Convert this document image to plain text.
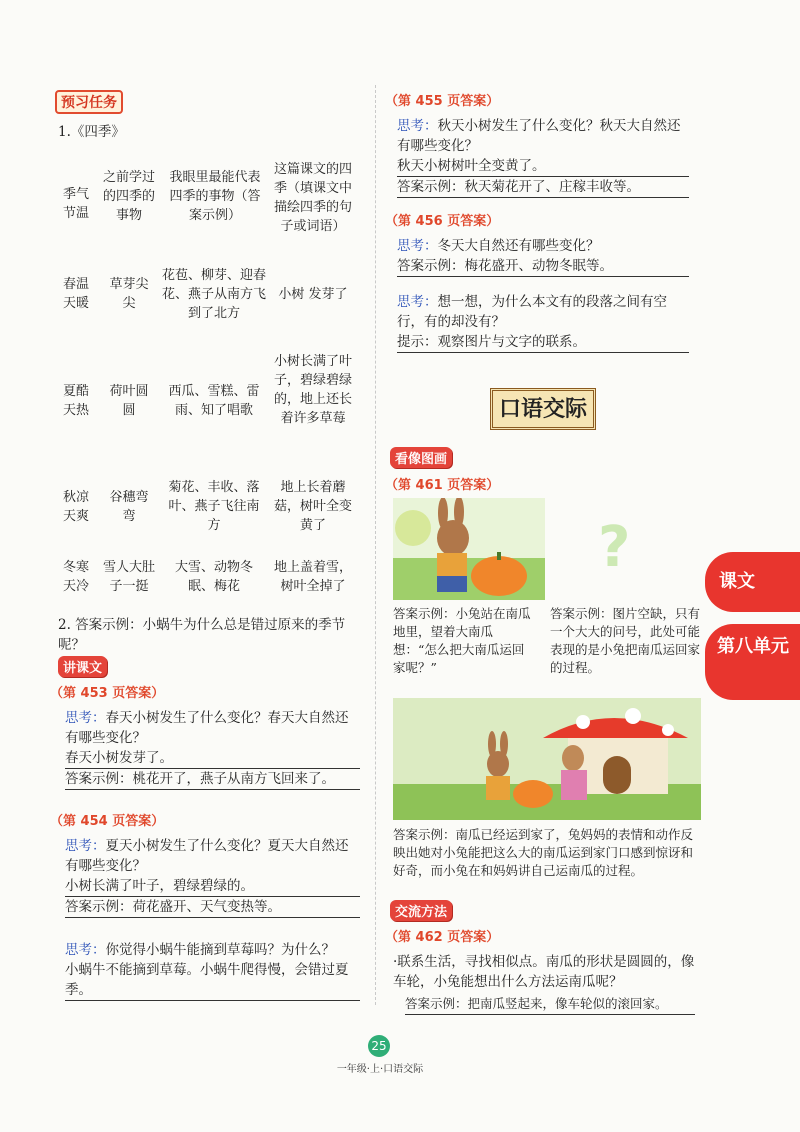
预习任务
1.《四季》
季气节温
之前学过的四季的事物
我眼里最能代表四季的事物（答案示例）
这篇课文的四季（填课文中描绘四季的句子或词语）
春温天暖
草芽尖尖
花苞、柳芽、迎春花、燕子从南方飞到了北方
小树 发芽了
夏酷天热
荷叶圆圆
西瓜、雪糕、雷雨、知了唱歌
小树长满了叶子，碧绿碧绿的，地上还长着许多草莓
秋凉天爽
谷穗弯弯
菊花、丰收、落叶、燕子飞往南方
地上长着蘑菇，树叶全变黄了
冬寒天冷
雪人大肚子一挺
大雪、动物冬眠、梅花
地上盖着雪，树叶全掉了
2. 答案示例：小蜗牛为什么总是错过原来的季节呢？
讲课文
（第 453 页答案）
思考：春天小树发生了什么变化？春天大自然还有哪些变化？
春天小树发芽了。
答案示例：桃花开了，燕子从南方飞回来了。
（第 454 页答案）
思考：夏天小树发生了什么变化？夏天大自然还有哪些变化？
小树长满了叶子，碧绿碧绿的。
答案示例：荷花盛开、天气变热等。
思考：你觉得小蜗牛能摘到草莓吗？为什么？
小蜗牛不能摘到草莓。小蜗牛爬得慢，会错过夏季。
（第 455 页答案）
思考：秋天小树发生了什么变化？秋天大自然还有哪些变化？
秋天小树树叶全变黄了。
答案示例：秋天菊花开了、庄稼丰收等。
（第 456 页答案）
思考：冬天大自然还有哪些变化？
答案示例：梅花盛开、动物冬眠等。
思考：想一想，为什么本文有的段落之间有空行，有的却没有？
提示：观察图片与文字的联系。
口语交际
看像图画
（第 461 页答案）
?
答案示例：小兔站在南瓜地里，望着大南瓜想：“怎么把大南瓜运回家呢？”
答案示例：图片空缺，只有一个大大的问号，此处可能表现的是小兔把南瓜运回家的过程。
答案示例：南瓜已经运到家了，兔妈妈的表情和动作反映出她对小兔能把这么大的南瓜运到家门口感到惊讶和好奇，而小兔在和妈妈讲自己运南瓜的过程。
交流方法
（第 462 页答案）
·联系生活，寻找相似点。南瓜的形状是圆圆的，像车轮，小兔能想出什么方法运南瓜呢？
答案示例：把南瓜竖起来，像车轮似的滚回家。
课文
第八单元
25
一年级·上·口语交际
